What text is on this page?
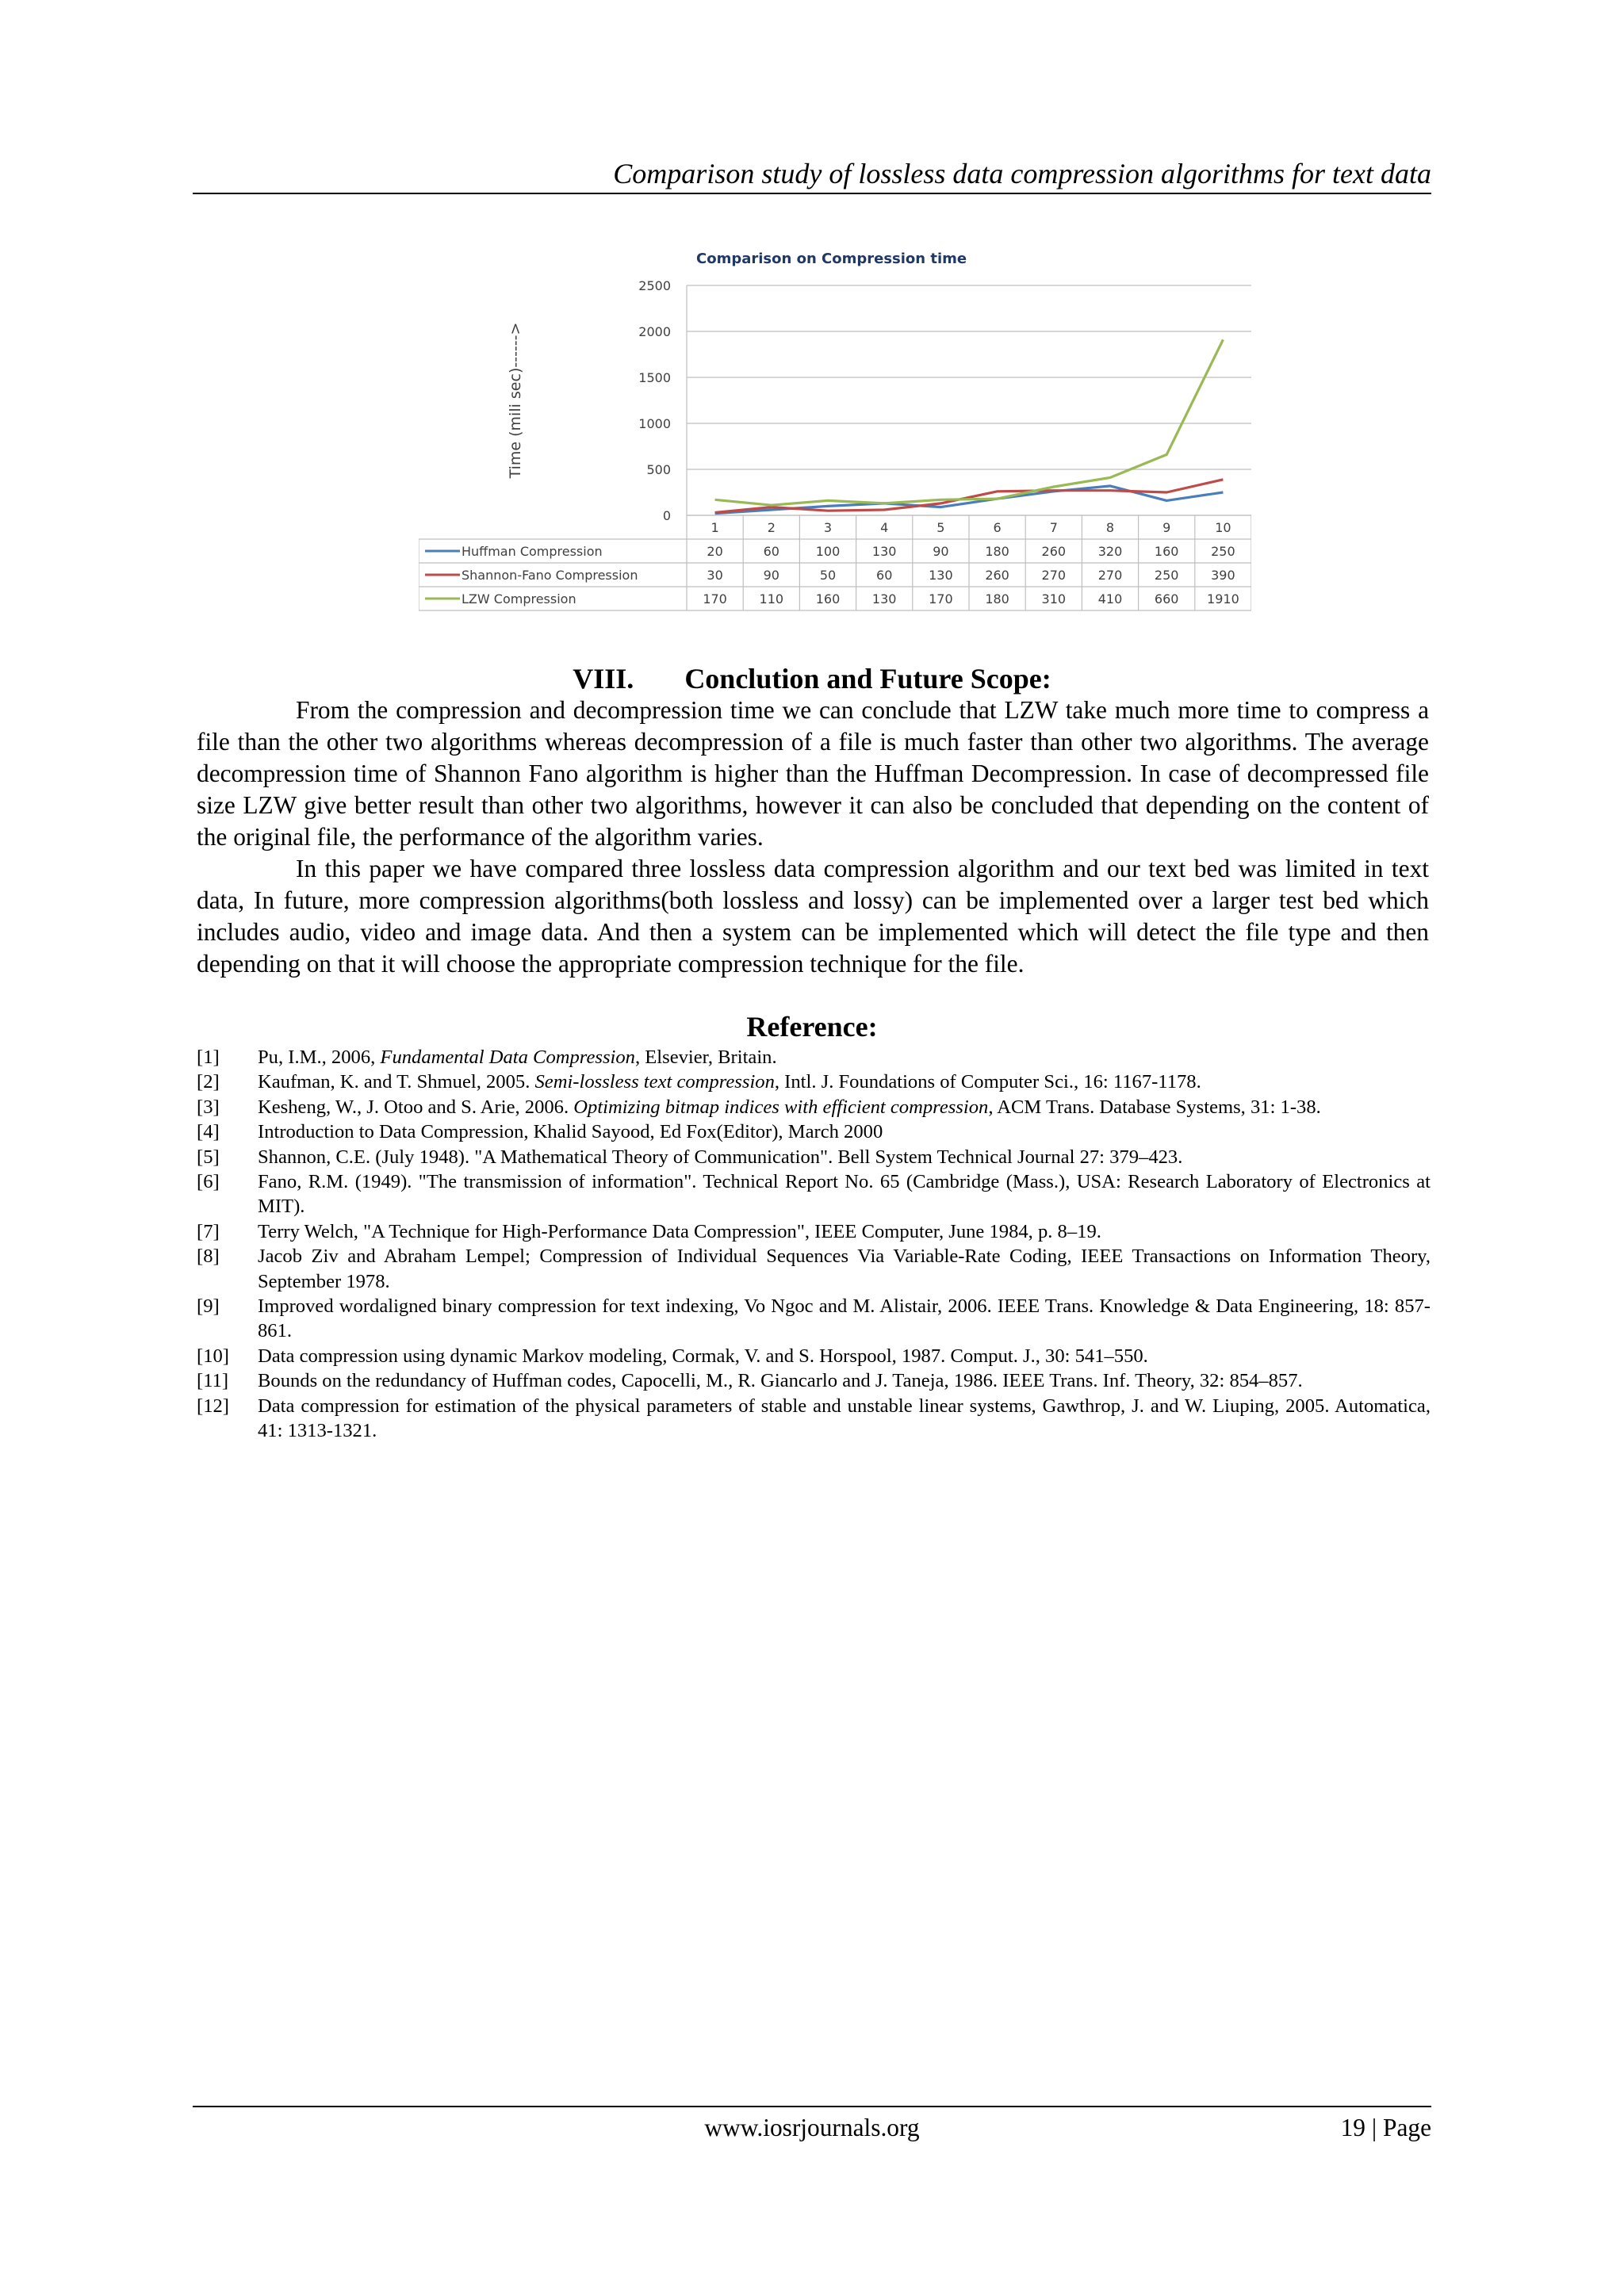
Comparison study of lossless data compression algorithms for text data
Comparison on Compression time
0
500
1000
1500
2000
2500
Time (mili sec)------>
1	2	3	4	5	6	7	8	9	10
Huffman Compression	20	60	100	130	90	180	260	320	160	250
Shannon-Fano Compression	30	90	50	60	130	260	270	270	250	390
LZW Compression	170	110	160	130	170	180	310	410	660 1910
VIII. Conclution and Future Scope:

From the compression and decompression time we can conclude that LZW take much more time to compress a file than the other two algorithms whereas decompression of a file is much faster than other two algorithms. The average decompression time of Shannon Fano algorithm is higher than the Huffman Decompression. In case of decompressed file size LZW give better result than other two algorithms, however it can also be concluded that depending on the content of the original file, the performance of the algorithm varies.

In this paper we have compared three lossless data compression algorithm and our text bed was limited in text data, In future, more compression algorithms(both lossless and lossy) can be implemented over a larger test bed which includes audio, video and image data. And then a system can be implemented which will detect the file type and then depending on that it will choose the appropriate compression technique for the file.

Reference:
[1]	Pu, I.M., 2006, Fundamental Data Compression, Elsevier, Britain.
[2]	Kaufman, K. and T. Shmuel, 2005. Semi-lossless text compression, Intl. J. Foundations of Computer Sci., 16: 1167-1178.
[3]	Kesheng, W., J. Otoo and S. Arie, 2006. Optimizing bitmap indices with efficient compression, ACM Trans. Database Systems, 31: 1-38.
[4]	Introduction to Data Compression, Khalid Sayood, Ed Fox(Editor), March 2000
[5]	Shannon, C.E. (July 1948). "A Mathematical Theory of Communication". Bell System Technical Journal 27: 379–423.
[6]	Fano, R.M. (1949). "The transmission of information". Technical Report No. 65 (Cambridge (Mass.), USA: Research Laboratory of Electronics at MIT).
[7]	Terry Welch, "A Technique for High-Performance Data Compression", IEEE Computer, June 1984, p. 8–19.
[8]	Jacob Ziv and Abraham Lempel; Compression of Individual Sequences Via Variable-Rate Coding, IEEE Transactions on Information Theory, September 1978.
[9]	Improved wordaligned binary compression for text indexing, Vo Ngoc and M. Alistair, 2006. IEEE Trans. Knowledge & Data Engineering, 18: 857-861.
[10]	Data compression using dynamic Markov modeling, Cormak, V. and S. Horspool, 1987. Comput. J., 30: 541–550.
[11]	Bounds on the redundancy of Huffman codes, Capocelli, M., R. Giancarlo and J. Taneja, 1986. IEEE Trans. Inf. Theory, 32: 854–857.
[12]	Data compression for estimation of the physical parameters of stable and unstable linear systems, Gawthrop, J. and W. Liuping, 2005. Automatica, 41: 1313-1321.
www.iosrjournals.org	19 | Page
